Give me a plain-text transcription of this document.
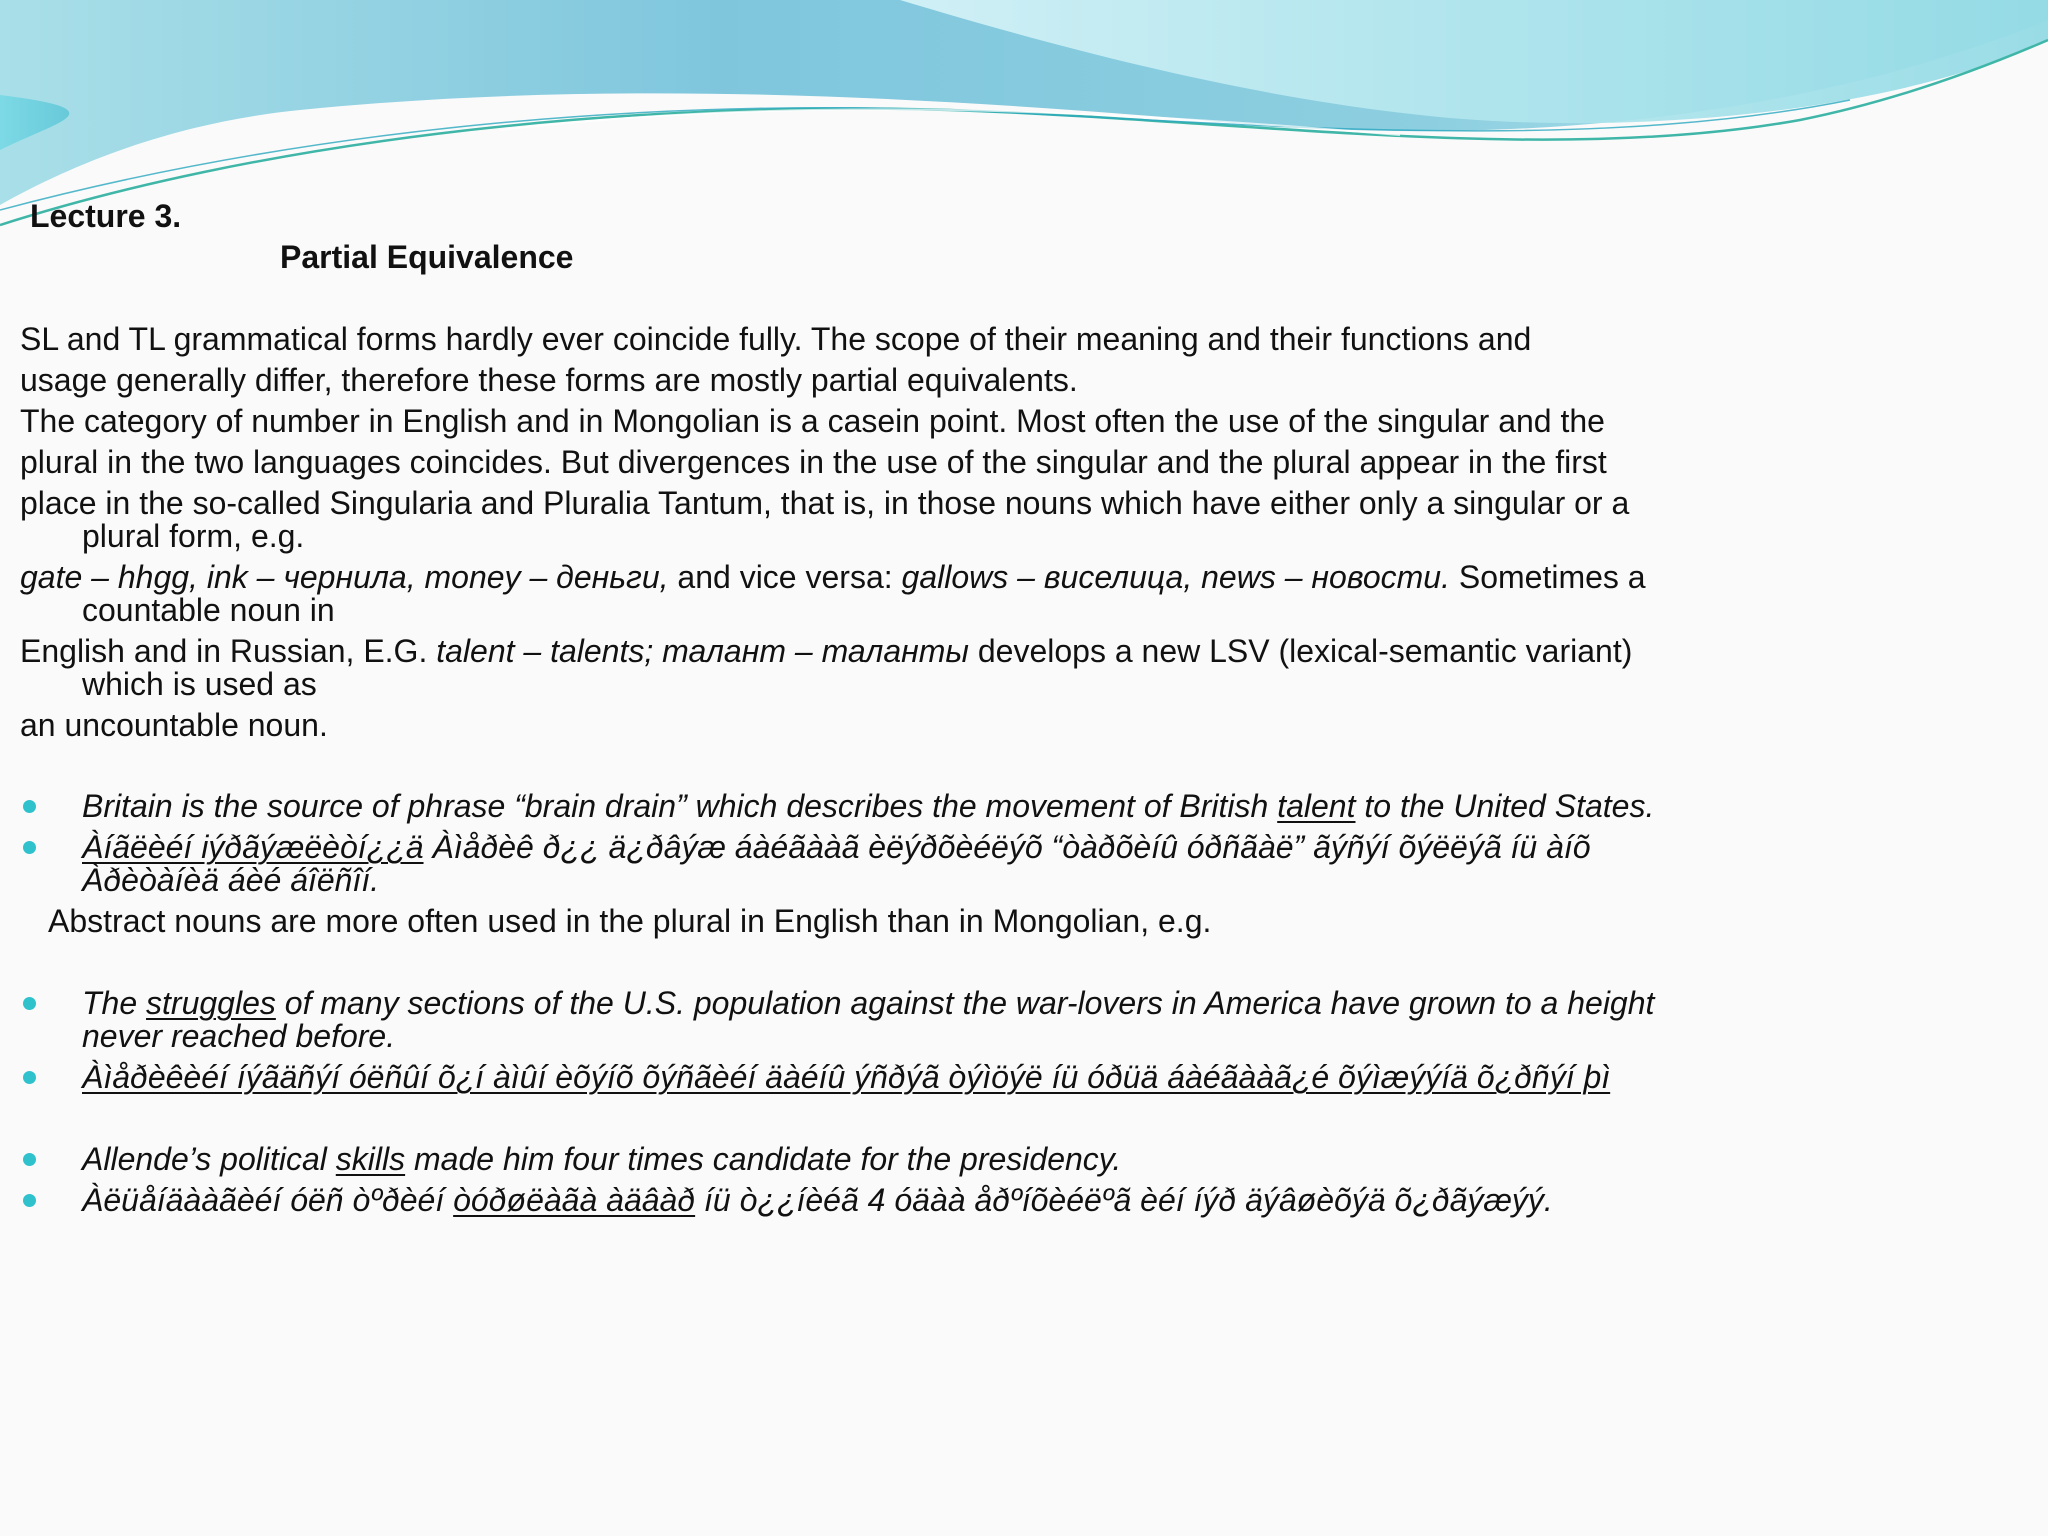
Lecture 3.

Partial Equivalence

SL and TL grammatical forms hardly ever coincide fully. The scope of their meaning and their functions and

usage generally differ, therefore these forms are mostly partial equivalents.

The category of number in English and in Mongolian is a casein point. Most often the use of the singular and the

plural in the two languages coincides. But divergences in the use of the singular and the plural appear in the first

place in the so-called Singularia and Pluralia Tantum, that is, in those nouns which have either only a singular or a

plural form, e.g.

gate – hhgg, ink – чернила, money – деньги, and vice versa: gallows – виселица, news – новости. Sometimes a

countable noun in

English and in Russian, E.G. talent – talents; талант – таланты develops a new LSV (lexical-semantic variant)

which is used as

an uncountable noun.

Britain is the source of phrase “brain drain” which describes the movement of British talent to the United States.

Àíãëèéí iýðãýæëèòí¿¿ä Àìåðèê ð¿¿ ä¿ðâýæ áàéãààã èëýðõèéëýõ “òàðõèíû óðñãàë” ãýñýí õýëëýã íü àíõ

Àðèòàíèä áèé áîëñîí.

Abstract nouns are more often used in the plural in English than in Mongolian, e.g.

The struggles of many sections of the U.S. population against the war-lovers in America have grown to a height

never reached before.

Àìåðèêèéí íýãäñýí óëñûí õ¿í àìûí èõýíõ õýñãèéí äàéíû ýñðýã òýìöýë íü óðüä áàéãààã¿é õýìæýýíä õ¿ðñýí þì

Allende’s political skills made him four times candidate for the presidency.

Àëüåíäààãèéí óëñ òºðèéí òóðøëàãà àäâàð íü ò¿¿íèéã 4 óäàà åðºíõèéëºã èéí íýð äýâøèõýä õ¿ðãýæýý.
